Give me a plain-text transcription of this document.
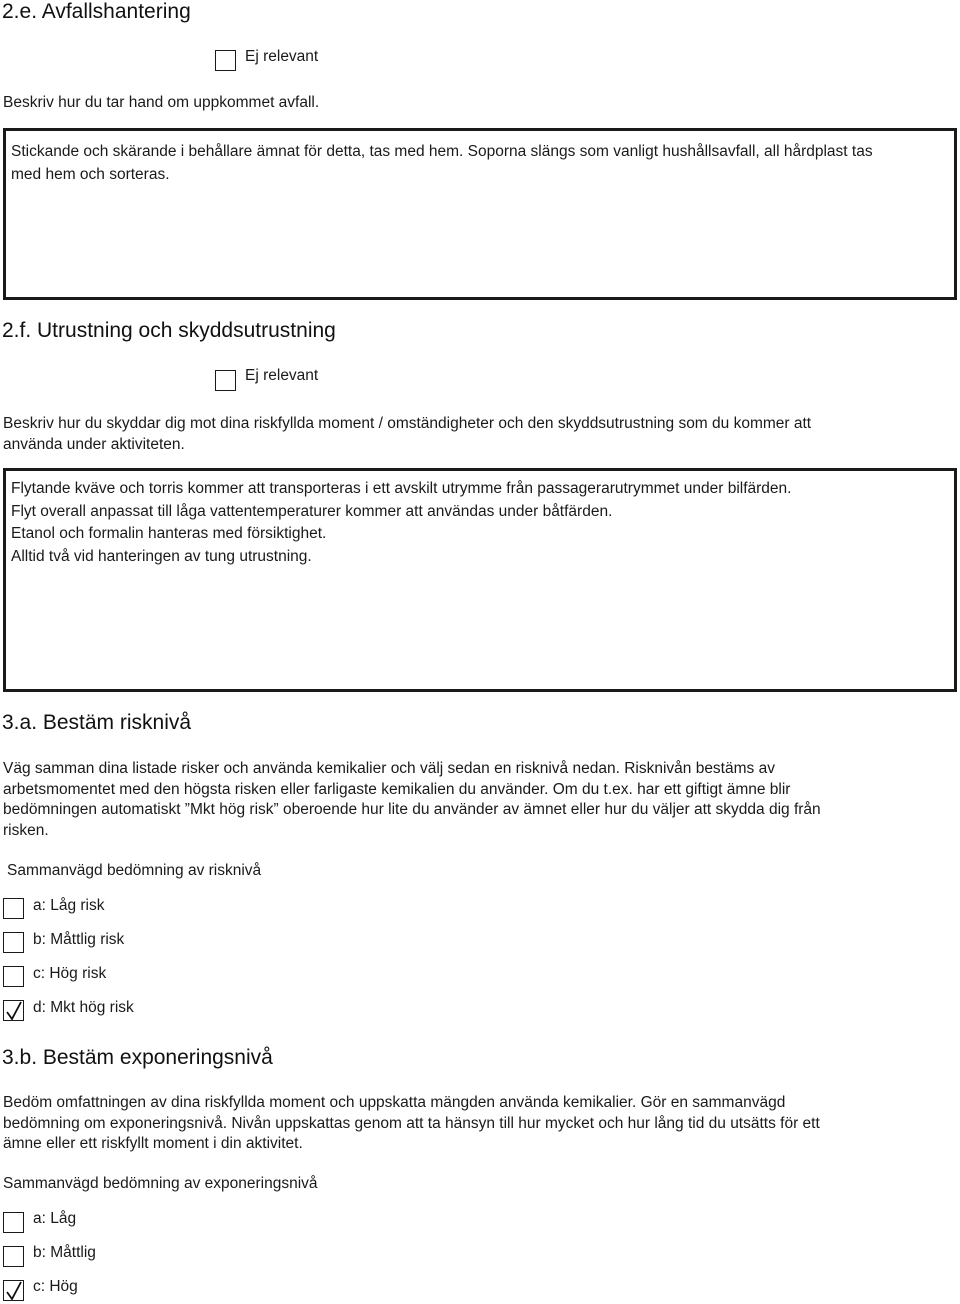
2.e. Avfallshantering
Ej relevant
Beskriv hur du tar hand om uppkommet avfall.
Stickande och skärande i behållare ämnat för detta, tas med hem. Soporna slängs som vanligt hushållsavfall, all hårdplast tas
med hem och sorteras.
2.f. Utrustning och skyddsutrustning
Ej relevant
Beskriv hur du skyddar dig mot dina riskfyllda moment / omständigheter och den skyddsutrustning som du kommer att
använda under aktiviteten.
Flytande kväve och torris kommer att transporteras i ett avskilt utrymme från passagerarutrymmet under bilfärden.
Flyt overall anpassat till låga vattentemperaturer kommer att användas under båtfärden.
Etanol och formalin hanteras med försiktighet.
Alltid två vid hanteringen av tung utrustning.
3.a. Bestäm risknivå
Väg samman dina listade risker och använda kemikalier och välj sedan en risknivå nedan. Risknivån bestäms av
arbetsmomentet med den högsta risken eller farligaste kemikalien du använder. Om du t.ex. har ett giftigt ämne blir
bedömningen automatiskt ”Mkt hög risk” oberoende hur lite du använder av ämnet eller hur du väljer att skydda dig från
risken.
Sammanvägd bedömning av risknivå
a: Låg risk
b: Måttlig risk
c: Hög risk
d: Mkt hög risk
3.b. Bestäm exponeringsnivå
Bedöm omfattningen av dina riskfyllda moment och uppskatta mängden använda kemikalier. Gör en sammanvägd
bedömning om exponeringsnivå. Nivån uppskattas genom att ta hänsyn till hur mycket och hur lång tid du utsätts för ett
ämne eller ett riskfyllt moment i din aktivitet.
Sammanvägd bedömning av exponeringsnivå
a: Låg
b: Måttlig
c: Hög
